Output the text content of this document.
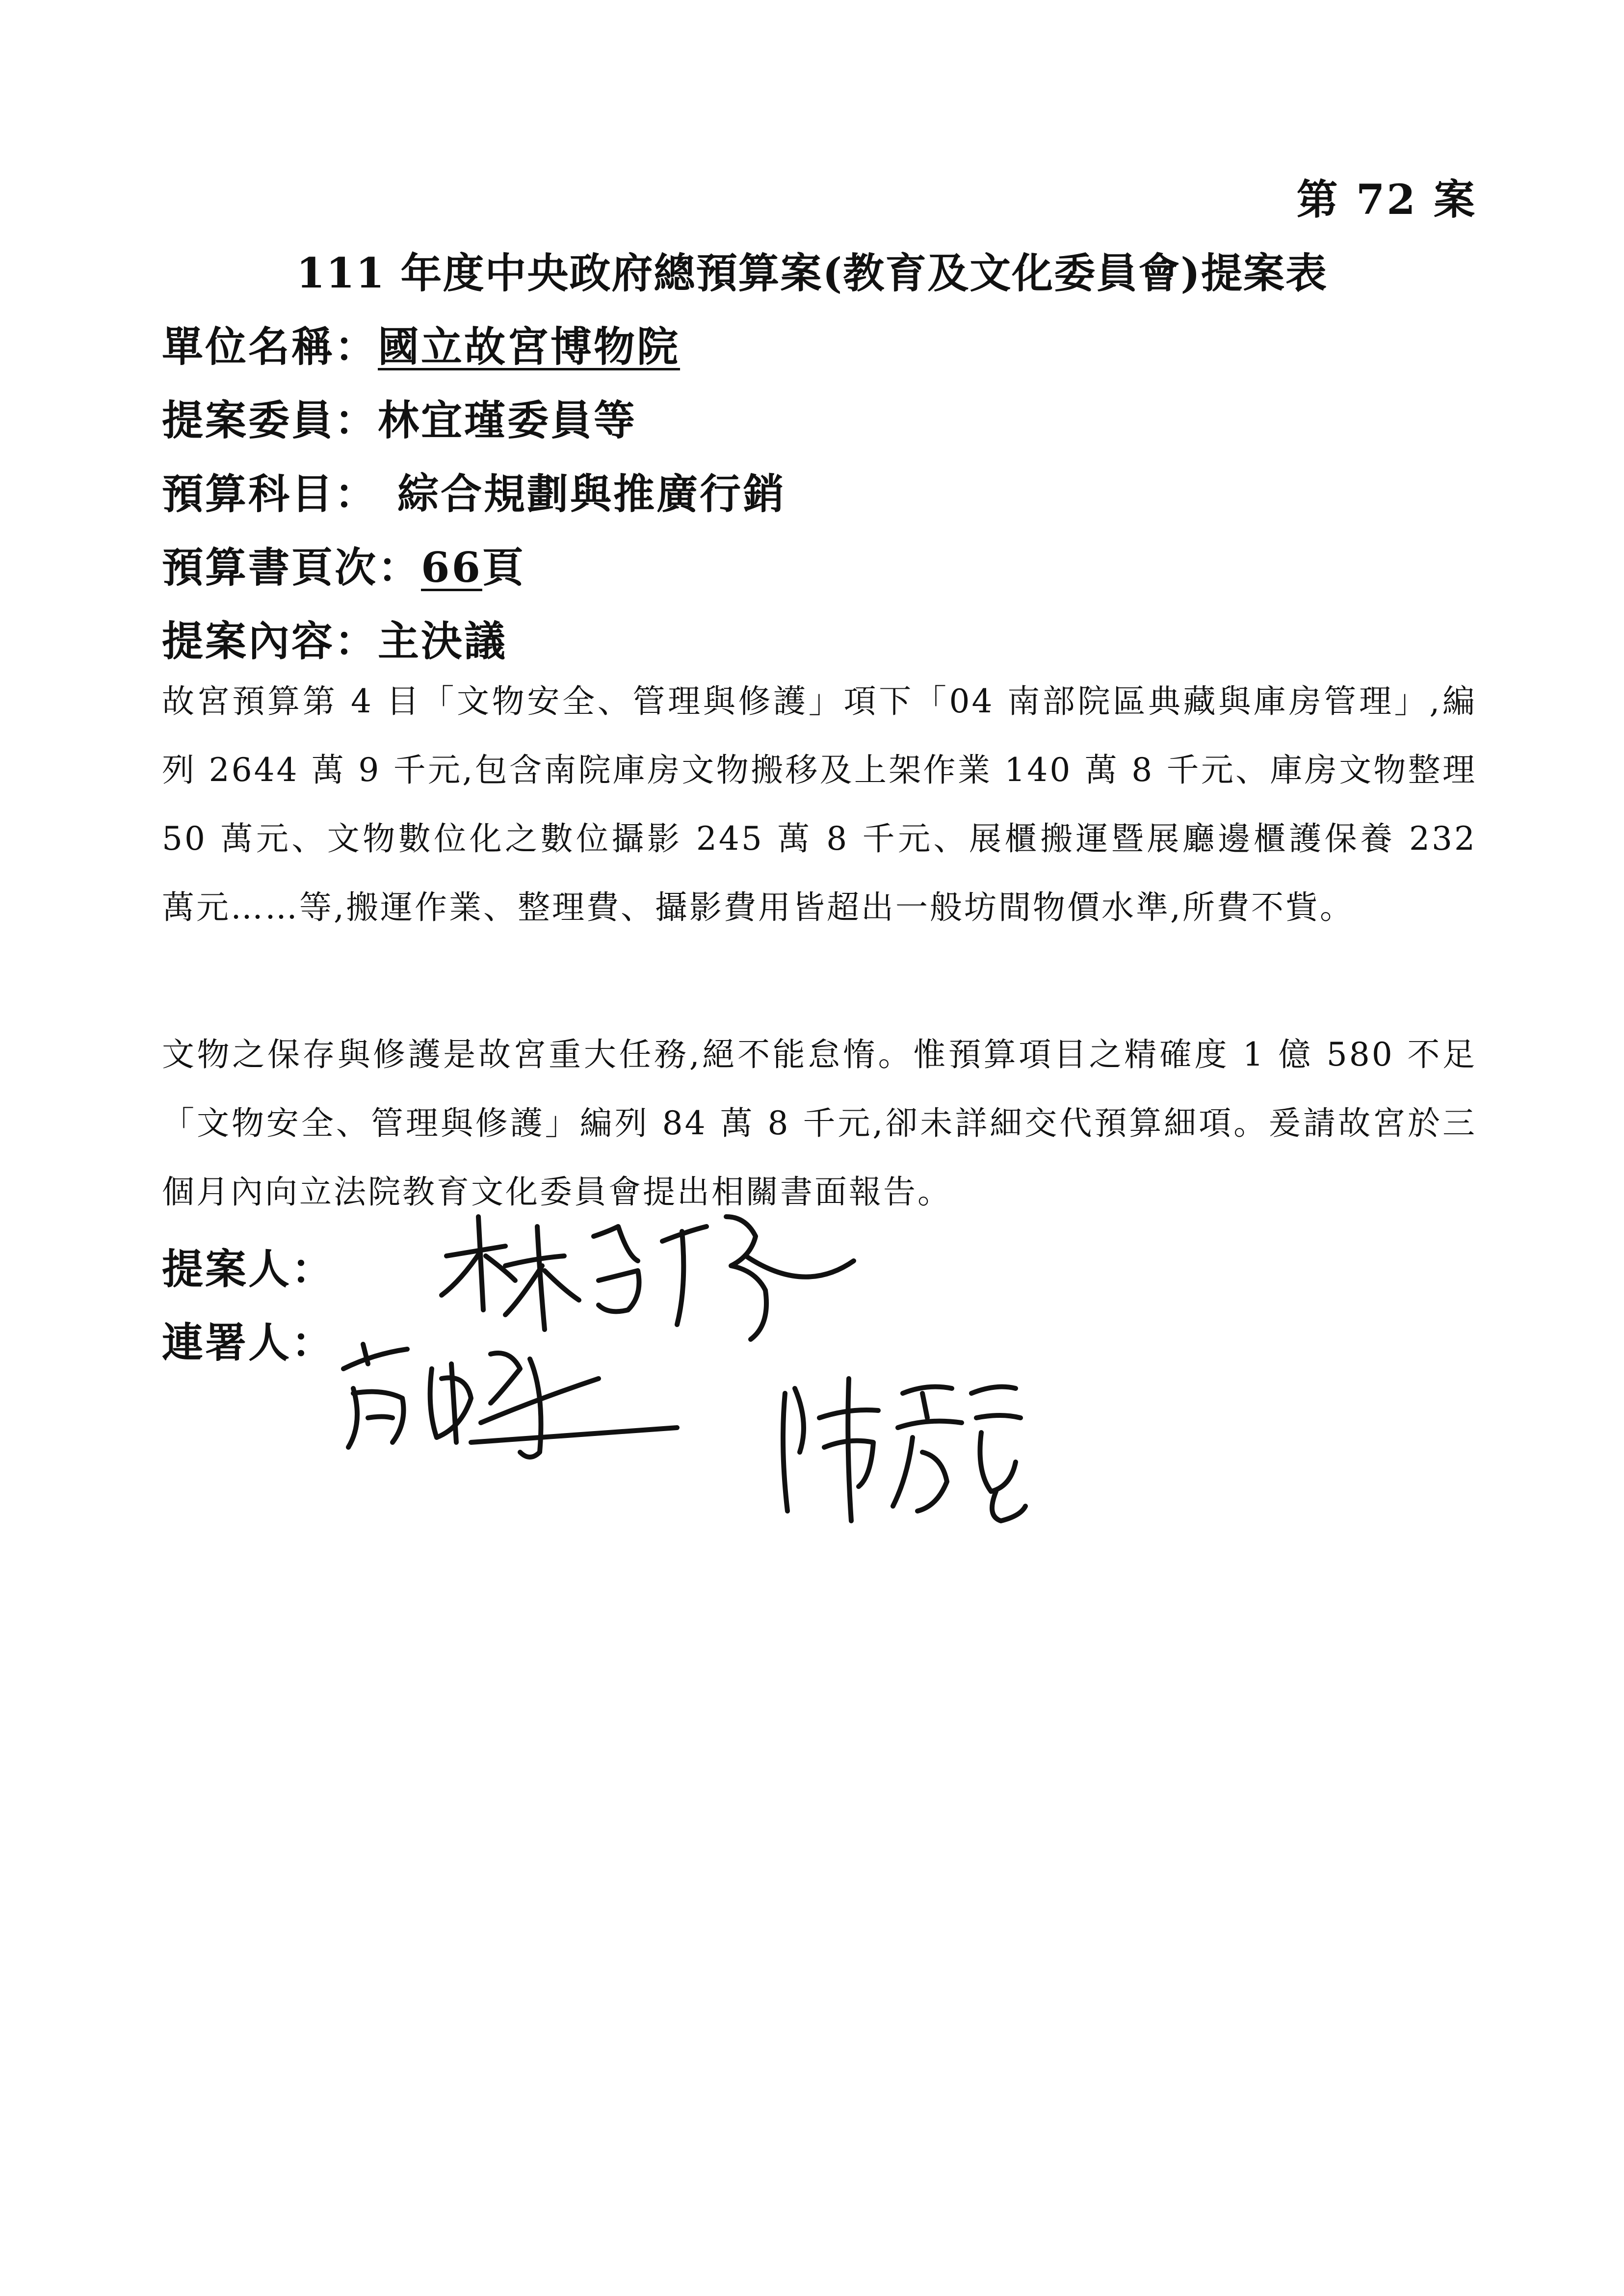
第 72 案
111 年度中央政府總預算案(教育及文化委員會)提案表
單位名稱：國立故宮博物院
提案委員：林宜瑾委員等
預算科目： 綜合規劃與推廣行銷
預算書頁次：66頁
提案內容：主決議

故宮預算第 4 目「文物安全、管理與修護」項下「04 南部院區典藏與庫房管理」,編列 2644 萬 9 千元,包含南院庫房文物搬移及上架作業 140 萬 8 千元、庫房文物整理 50 萬元、文物數位化之數位攝影 245 萬 8 千元、展櫃搬運暨展廳邊櫃護保養 232 萬元……等,搬運作業、整理費、攝影費用皆超出一般坊間物價水準,所費不貲。

文物之保存與修護是故宮重大任務,絕不能怠惰。惟預算項目之精確度 1 億 580 不足「文物安全、管理與修護」編列 84 萬 8 千元,卻未詳細交代預算細項。爰請故宮於三個月內向立法院教育文化委員會提出相關書面報告。

提案人：
連署人：
